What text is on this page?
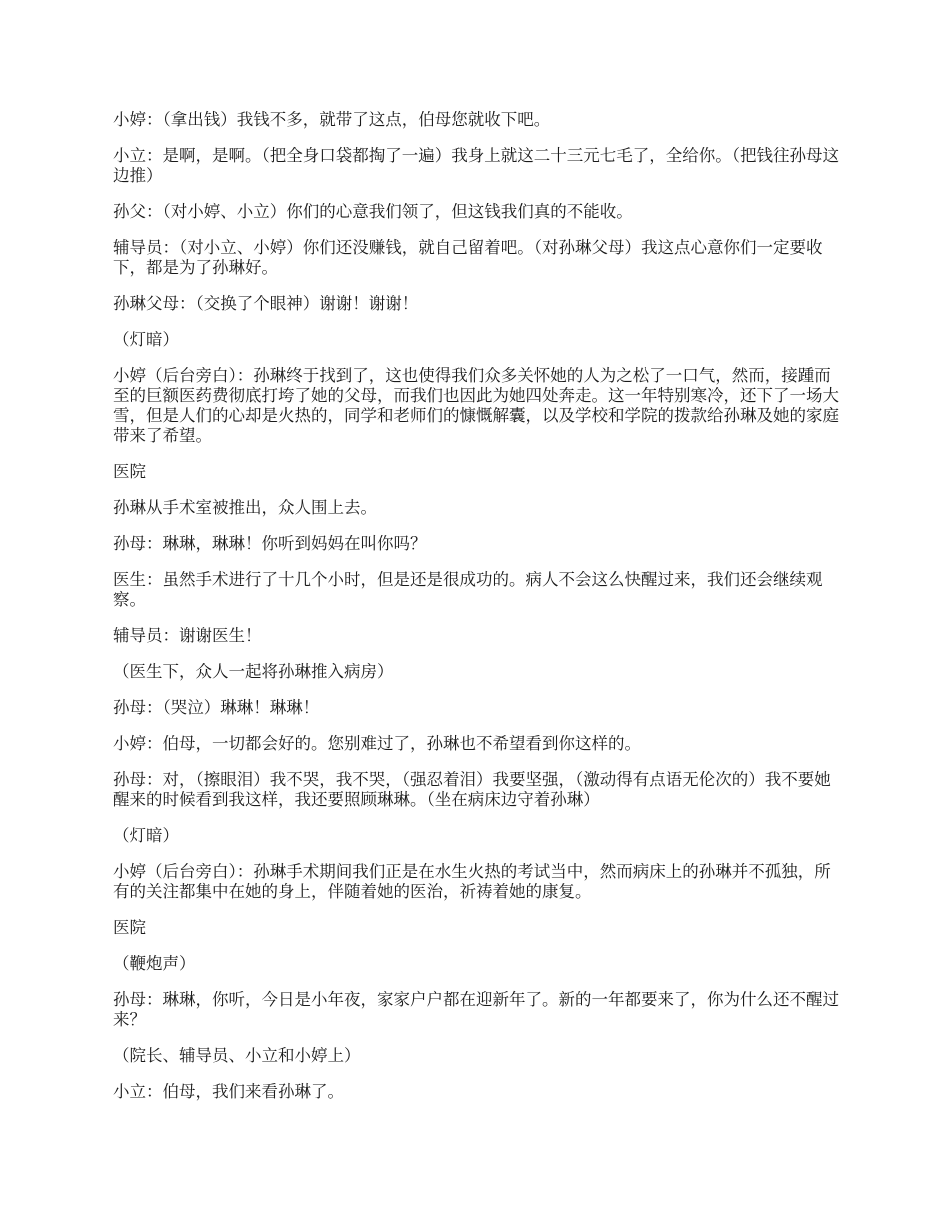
小婷：（拿出钱）我钱不多，就带了这点，伯母您就收下吧。

小立：是啊，是啊。（把全身口袋都掏了一遍）我身上就这二十三元七毛了，全给你。（把钱往孙母这边推）

孙父：（对小婷、小立）你们的心意我们领了，但这钱我们真的不能收。

辅导员：（对小立、小婷）你们还没赚钱，就自己留着吧。（对孙琳父母）我这点心意你们一定要收下，都是为了孙琳好。

孙琳父母：（交换了个眼神）谢谢！谢谢！

（灯暗）

小婷（后台旁白）：孙琳终于找到了，这也使得我们众多关怀她的人为之松了一口气，然而，接踵而至的巨额医药费彻底打垮了她的父母，而我们也因此为她四处奔走。这一年特别寒冷，还下了一场大雪，但是人们的心却是火热的，同学和老师们的慷慨解囊，以及学校和学院的拨款给孙琳及她的家庭带来了希望。

医院

孙琳从手术室被推出，众人围上去。

孙母：琳琳，琳琳！你听到妈妈在叫你吗？

医生：虽然手术进行了十几个小时，但是还是很成功的。病人不会这么快醒过来，我们还会继续观察。

辅导员：谢谢医生！

（医生下，众人一起将孙琳推入病房）

孙母：（哭泣）琳琳！琳琳！

小婷：伯母，一切都会好的。您别难过了，孙琳也不希望看到你这样的。

孙母：对，（擦眼泪）我不哭，我不哭，（强忍着泪）我要坚强，（激动得有点语无伦次的）我不要她醒来的时候看到我这样，我还要照顾琳琳。（坐在病床边守着孙琳）

（灯暗）

小婷（后台旁白）：孙琳手术期间我们正是在水生火热的考试当中，然而病床上的孙琳并不孤独，所有的关注都集中在她的身上，伴随着她的医治，祈祷着她的康复。

医院

（鞭炮声）

孙母：琳琳，你听，今日是小年夜，家家户户都在迎新年了。新的一年都要来了，你为什么还不醒过来？

（院长、辅导员、小立和小婷上）

小立：伯母，我们来看孙琳了。
